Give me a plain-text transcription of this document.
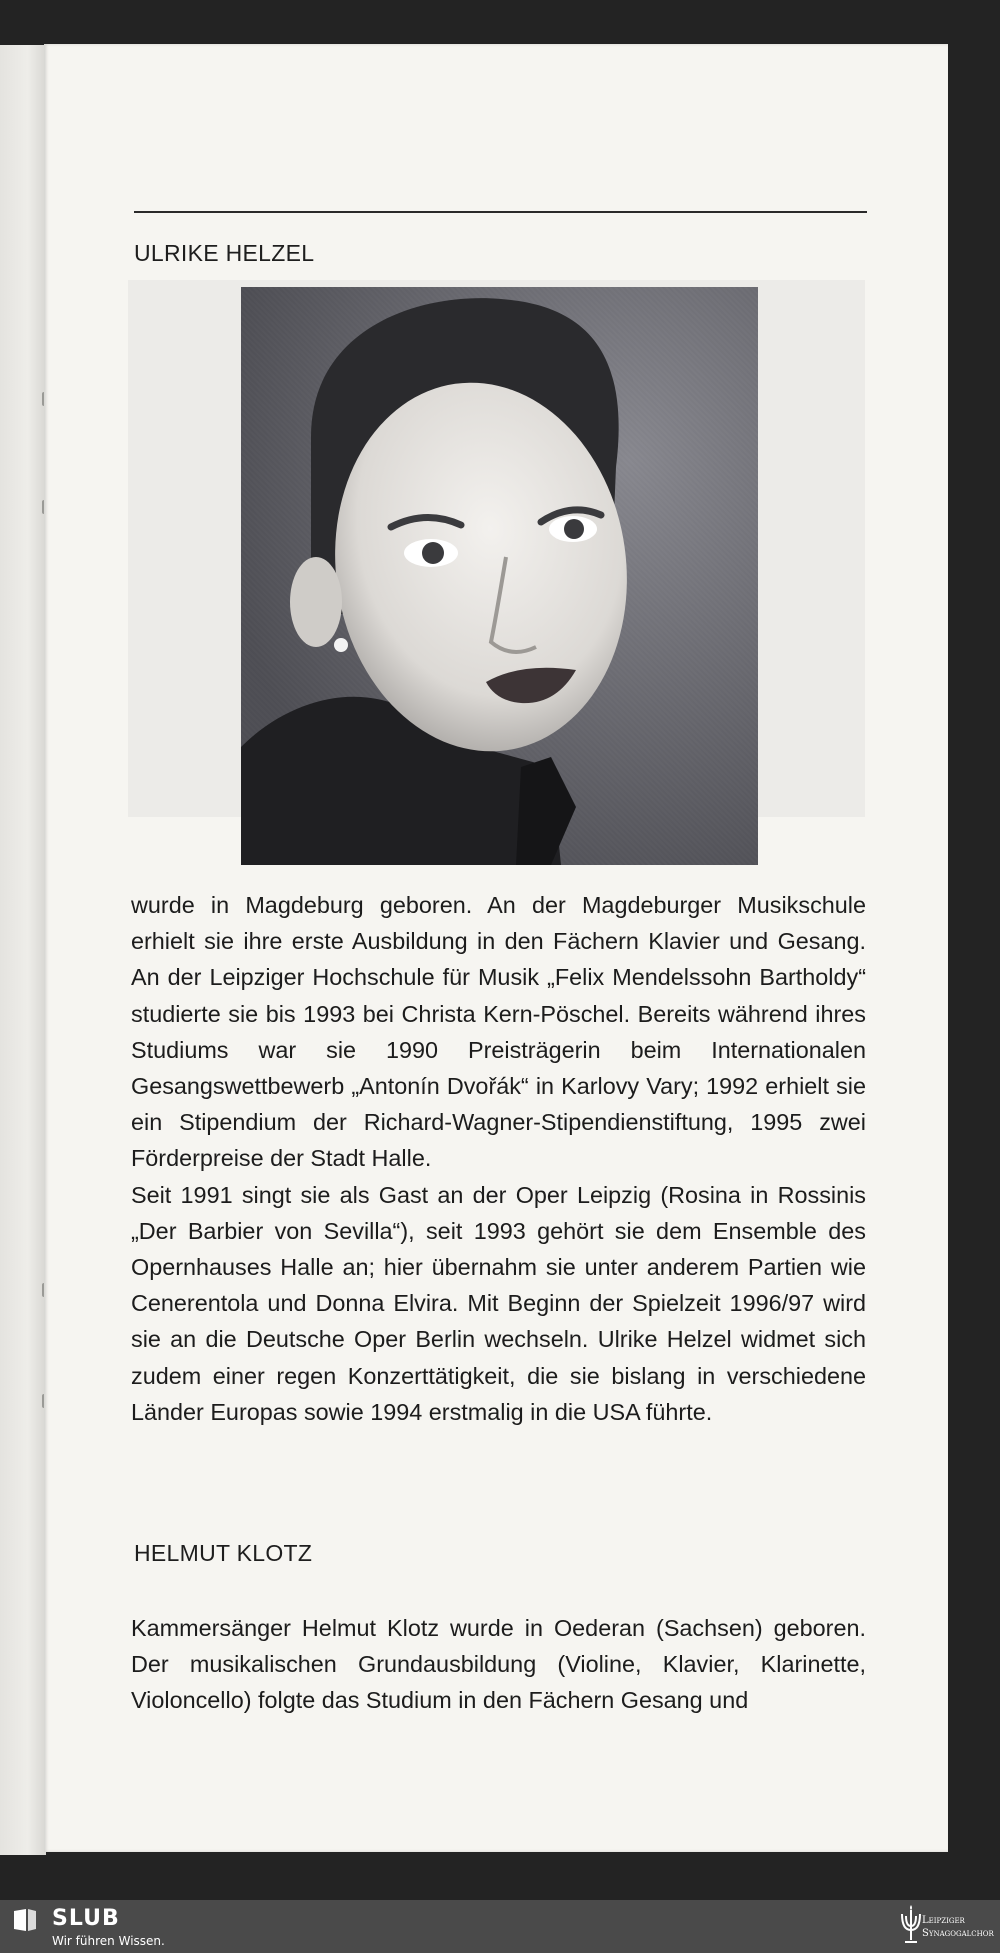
ULRIKE HELZEL

wurde in Magdeburg geboren. An der Magdeburger Musikschule erhielt sie ihre erste Ausbildung in den Fächern Klavier und Gesang. An der Leipziger Hochschule für Musik „Felix Mendelssohn Bartholdy“ studierte sie bis 1993 bei Christa Kern-Pöschel. Bereits während ihres Studiums war sie 1990 Preisträgerin beim Internationalen Gesangswettbewerb „Antonín Dvořák“ in Karlovy Vary; 1992 erhielt sie ein Stipendium der Richard-Wagner-Stipendienstiftung, 1995 zwei Förderpreise der Stadt Halle.

Seit 1991 singt sie als Gast an der Oper Leipzig (Rosina in Rossinis „Der Barbier von Sevilla“), seit 1993 gehört sie dem Ensemble des Opernhauses Halle an; hier übernahm sie unter anderem Partien wie Cenerentola und Donna Elvira. Mit Beginn der Spielzeit 1996/97 wird sie an die Deutsche Oper Berlin wechseln. Ulrike Helzel widmet sich zudem einer regen Konzerttätigkeit, die sie bislang in verschiedene Länder Europas sowie 1994 erstmalig in die USA führte.

HELMUT KLOTZ

Kammersänger Helmut Klotz wurde in Oederan (Sachsen) geboren. Der musikalischen Grundausbildung (Violine, Klavier, Klarinette, Violoncello) folgte das Studium in den Fächern Gesang und

SLUB
Wir führen Wissen.
Leipziger
Synagogalchor
